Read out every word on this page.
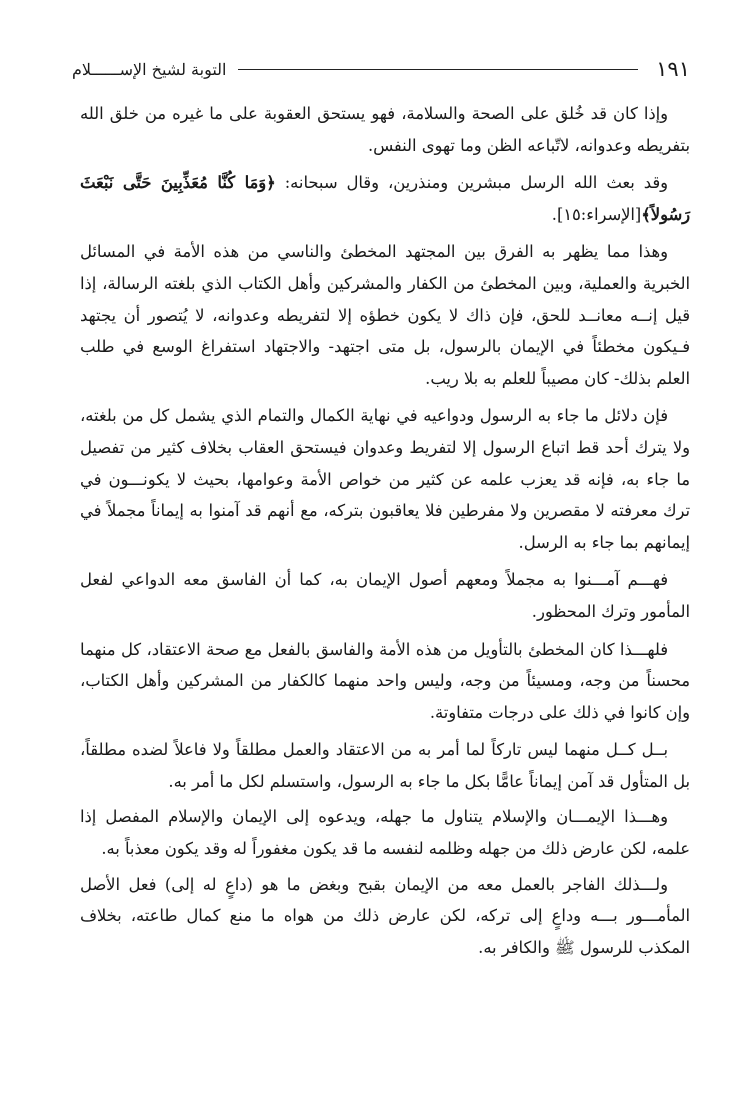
١٩١
التوبة لشيخ الإســــــلام

وإذا كان قد خُلق على الصحة والسلامة، فهو يستحق العقوبة على ما غيره من خلق الله بتفريطه وعدوانه، لاتّباعه الظن وما تهوى النفس.

وقد بعث الله الرسل مبشرين ومنذرين، وقال سبحانه: ﴿وَمَا كُنَّا مُعَذِّبِينَ حَتَّى نَبْعَثَ رَسُولاً﴾[الإسراء:١٥].

وهذا مما يظهر به الفرق بين المجتهد المخطئ والناسي من هذه الأمة في المسائل الخبرية والعملية، وبين المخطئ من الكفار والمشركين وأهل الكتاب الذي بلغته الرسالة، إذا قيل إنــه معانــد للحق، فإن ذاك لا يكون خطؤه إلا لتفريطه وعدوانه، لا يُتصور أن يجتهد فـيكون مخطئاً في الإيمان بالرسول، بل متى اجتهد- والاجتهاد استفراغ الوسع في طلب العلم بذلك- كان مصيباً للعلم به بلا ريب.

فإن دلائل ما جاء به الرسول ودواعيه في نهاية الكمال والتمام الذي يشمل كل من بلغته، ولا يترك أحد قط اتباع الرسول إلا لتفريط وعدوان فيستحق العقاب بخلاف كثير من تفصيل ما جاء به، فإنه قد يعزب علمه عن كثير من خواص الأمة وعوامها، بحيث لا يكونـــون في ترك معرفته لا مقصرين ولا مفرطين فلا يعاقبون بتركه، مع أنهم قد آمنوا به إيماناً مجملاً في إيمانهم بما جاء به الرسل.

فهـــم آمـــنوا به مجملاً ومعهم أصول الإيمان به، كما أن الفاسق معه الدواعي لفعل المأمور وترك المحظور.

فلهـــذا كان المخطئ بالتأويل من هذه الأمة والفاسق بالفعل مع صحة الاعتقاد، كل منهما محسناً من وجه، ومسيئاً من وجه، وليس واحد منهما كالكفار من المشركين وأهل الكتاب، وإن كانوا في ذلك على درجات متفاوتة.

بــل كــل منهما ليس تاركاً لما أمر به من الاعتقاد والعمل مطلقاً ولا فاعلاً لضده مطلقاً، بل المتأول قد آمن إيماناً عامًّا بكل ما جاء به الرسول، واستسلم لكل ما أمر به.

وهـــذا الإيمـــان والإسلام يتناول ما جهله، ويدعوه إلى الإيمان والإسلام المفصل إذا علمه، لكن عارض ذلك من جهله وظلمه لنفسه ما قد يكون مغفوراً له وقد يكون معذباً به.

ولـــذلك الفاجر بالعمل معه من الإيمان بقبح وبغض ما هو (داعٍ له إلى) فعل الأصل المأمـــور بـــه وداعٍ إلى تركه، لكن عارض ذلك من هواه ما منع كمال طاعته، بخلاف المكذب للرسول ﷺ والكافر به.
